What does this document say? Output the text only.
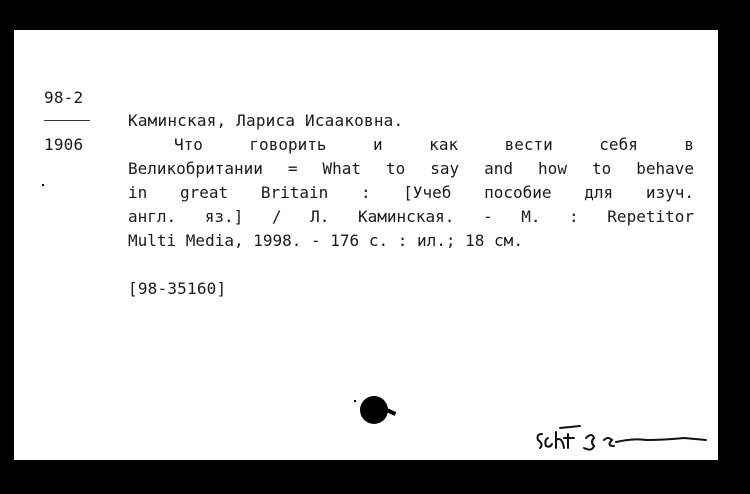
98-2
1906
Каминская, Лариса Исааковна.
Что говорить и как вести себя в
Великобритании = What to say and how to behave
in great Britain : [Учеб пособие для изуч.
англ. яз.] / Л. Каминская. - М. : Repetitor
Multi Media, 1998. - 176 с. : ил.; 18 см.
[98-35160]
